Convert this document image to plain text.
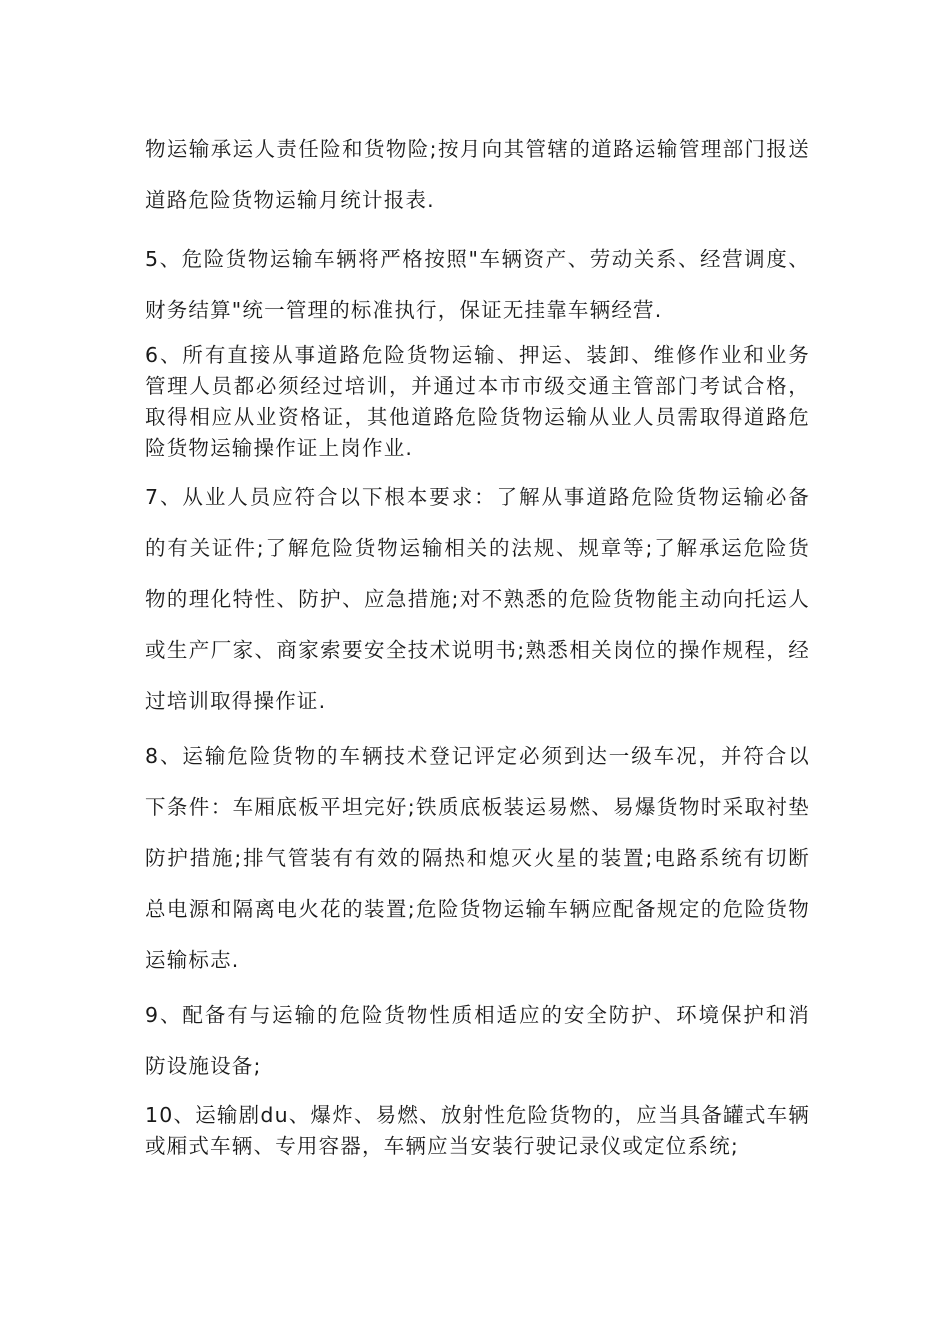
物运输承运人责任险和货物险;按月向其管辖的道路运输管理部门报送道路危险货物运输月统计报表.

5、危险货物运输车辆将严格按照"车辆资产、劳动关系、经营调度、财务结算"统一管理的标准执行，保证无挂靠车辆经营.

6、所有直接从事道路危险货物运输、押运、装卸、维修作业和业务管理人员都必须经过培训，并通过本市市级交通主管部门考试合格，取得相应从业资格证，其他道路危险货物运输从业人员需取得道路危险货物运输操作证上岗作业.

7、从业人员应符合以下根本要求：了解从事道路危险货物运输必备的有关证件;了解危险货物运输相关的法规、规章等;了解承运危险货物的理化特性、防护、应急措施;对不熟悉的危险货物能主动向托运人或生产厂家、商家索要安全技术说明书;熟悉相关岗位的操作规程，经过培训取得操作证.

8、运输危险货物的车辆技术登记评定必须到达一级车况，并符合以下条件：车厢底板平坦完好;铁质底板装运易燃、易爆货物时采取衬垫防护措施;排气管装有有效的隔热和熄灭火星的装置;电路系统有切断总电源和隔离电火花的装置;危险货物运输车辆应配备规定的危险货物运输标志.

9、配备有与运输的危险货物性质相适应的安全防护、环境保护和消防设施设备;

10、运输剧du、爆炸、易燃、放射性危险货物的，应当具备罐式车辆或厢式车辆、专用容器，车辆应当安装行驶记录仪或定位系统;
